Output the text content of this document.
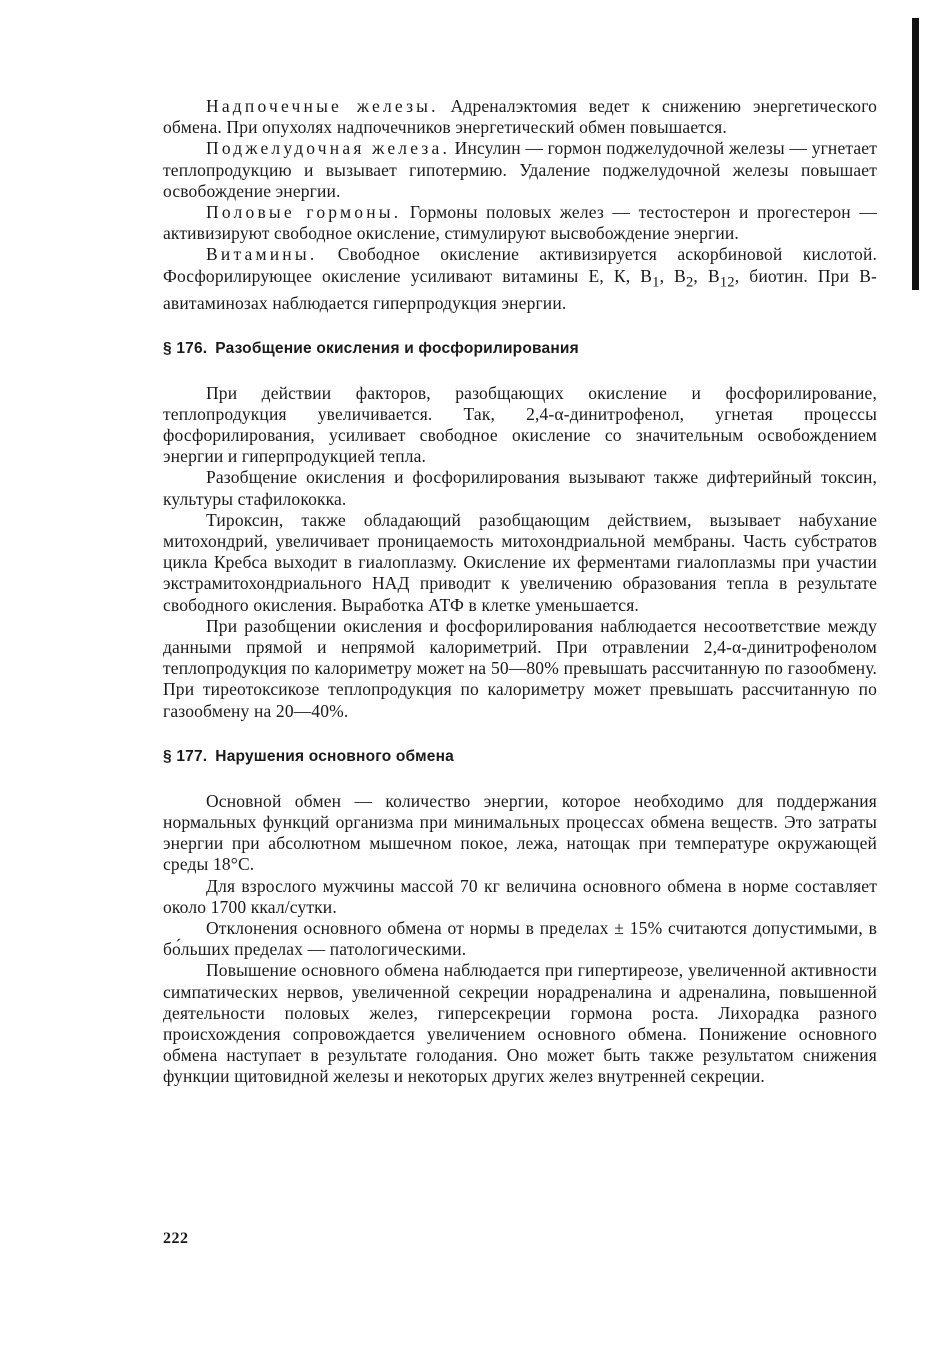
Надпочечные железы. Адреналэктомия ведет к снижению энергетического обмена. При опухолях надпочечников энергетический обмен повышается.

Поджелудочная железа. Инсулин — гормон поджелудочной железы — угнетает теплопродукцию и вызывает гипотермию. Удаление поджелудочной железы повышает освобождение энергии.

Половые гормоны. Гормоны половых желез — тестостерон и прогестерон — активизируют свободное окисление, стимулируют высвобождение энергии.

Витамины. Свободное окисление активизируется аскорбиновой кислотой. Фосфорилирующее окисление усиливают витамины Е, К, $В_1$, $В_2$, $В_{12}$, биотин. При В-авитаминозах наблюдается гиперпродукция энергии.

§ 176. Разобщение окисления и фосфорилирования

При действии факторов, разобщающих окисление и фосфорилирование, теплопродукция увеличивается. Так, 2,4-α-динитрофенол, угнетая процессы фосфорилирования, усиливает свободное окисление со значительным освобождением энергии и гиперпродукцией тепла.

Разобщение окисления и фосфорилирования вызывают также дифтерийный токсин, культуры стафилококка.

Тироксин, также обладающий разобщающим действием, вызывает набухание митохондрий, увеличивает проницаемость митохондриальной мембраны. Часть субстратов цикла Кребса выходит в гиалоплазму. Окисление их ферментами гиалоплазмы при участии экстрамитохондриального НАД приводит к увеличению образования тепла в результате свободного окисления. Выработка АТФ в клетке уменьшается.

При разобщении окисления и фосфорилирования наблюдается несоответствие между данными прямой и непрямой калориметрий. При отравлении 2,4-α-динитрофенолом теплопродукция по калориметру может на 50—80% превышать рассчитанную по газообмену. При тиреотоксикозе теплопродукция по калориметру может превышать рассчитанную по газообмену на 20—40%.

§ 177. Нарушения основного обмена

Основной обмен — количество энергии, которое необходимо для поддержания нормальных функций организма при минимальных процессах обмена веществ. Это затраты энергии при абсолютном мышечном покое, лежа, натощак при температуре окружающей среды 18°С.

Для взрослого мужчины массой 70 кг величина основного обмена в норме составляет около 1700 ккал/сутки.

Отклонения основного обмена от нормы в пределах ± 15% считаются допустимыми, в бо́льших пределах — патологическими.

Повышение основного обмена наблюдается при гипертиреозе, увеличенной активности симпатических нервов, увеличенной секреции норадреналина и адреналина, повышенной деятельности половых желез, гиперсекреции гормона роста. Лихорадка разного происхождения сопровождается увеличением основного обмена. Понижение основного обмена наступает в результате голодания. Оно может быть также результатом снижения функции щитовидной железы и некоторых других желез внутренней секреции.

222
